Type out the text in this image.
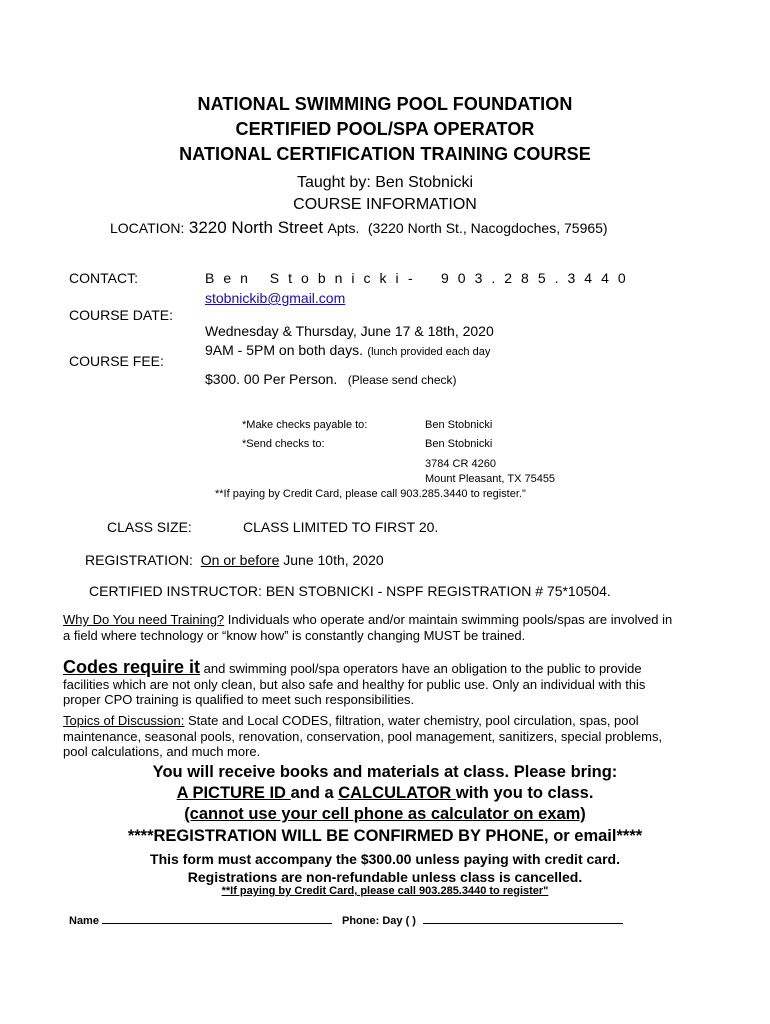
NATIONAL SWIMMING POOL FOUNDATION
CERTIFIED POOL/SPA OPERATOR
NATIONAL CERTIFICATION TRAINING COURSE
Taught by: Ben Stobnicki
COURSE INFORMATION
LOCATION: 3220 North Street Apts. (3220 North St., Nacogdoches, 75965)
CONTACT:	Ben Stobnicki - 903.285.3440
stobnickib@gmail.com
COURSE DATE:
Wednesday & Thursday, June 17 & 18th, 2020
9AM - 5PM on both days. (lunch provided each day
COURSE FEE:
$300. 00 Per Person. (Please send check)
*Make checks payable to:	Ben Stobnicki
*Send checks to:	Ben Stobnicki
3784 CR 4260
Mount Pleasant, TX 75455
**If paying by Credit Card, please call 903.285.3440 to register."
CLASS SIZE:	CLASS LIMITED TO FIRST 20.
REGISTRATION: On or before June 10th, 2020
CERTIFIED INSTRUCTOR: BEN STOBNICKI - NSPF REGISTRATION # 75*10504.
Why Do You need Training? Individuals who operate and/or maintain swimming pools/spas are involved in a field where technology or “know how” is constantly changing MUST be trained.
Codes require it and swimming pool/spa operators have an obligation to the public to provide facilities which are not only clean, but also safe and healthy for public use. Only an individual with this proper CPO training is qualified to meet such responsibilities.
Topics of Discussion: State and Local CODES, filtration, water chemistry, pool circulation, spas, pool maintenance, seasonal pools, renovation, conservation, pool management, sanitizers, special problems, pool calculations, and much more.
You will receive books and materials at class. Please bring:
A PICTURE ID and a CALCULATOR with you to class.
(cannot use your cell phone as calculator on exam)
****REGISTRATION WILL BE CONFIRMED BY PHONE, or email****
This form must accompany the $300.00 unless paying with credit card.
Registrations are non-refundable unless class is cancelled.
**If paying by Credit Card, please call 903.285.3440 to register"
Name	Phone: Day ( )
